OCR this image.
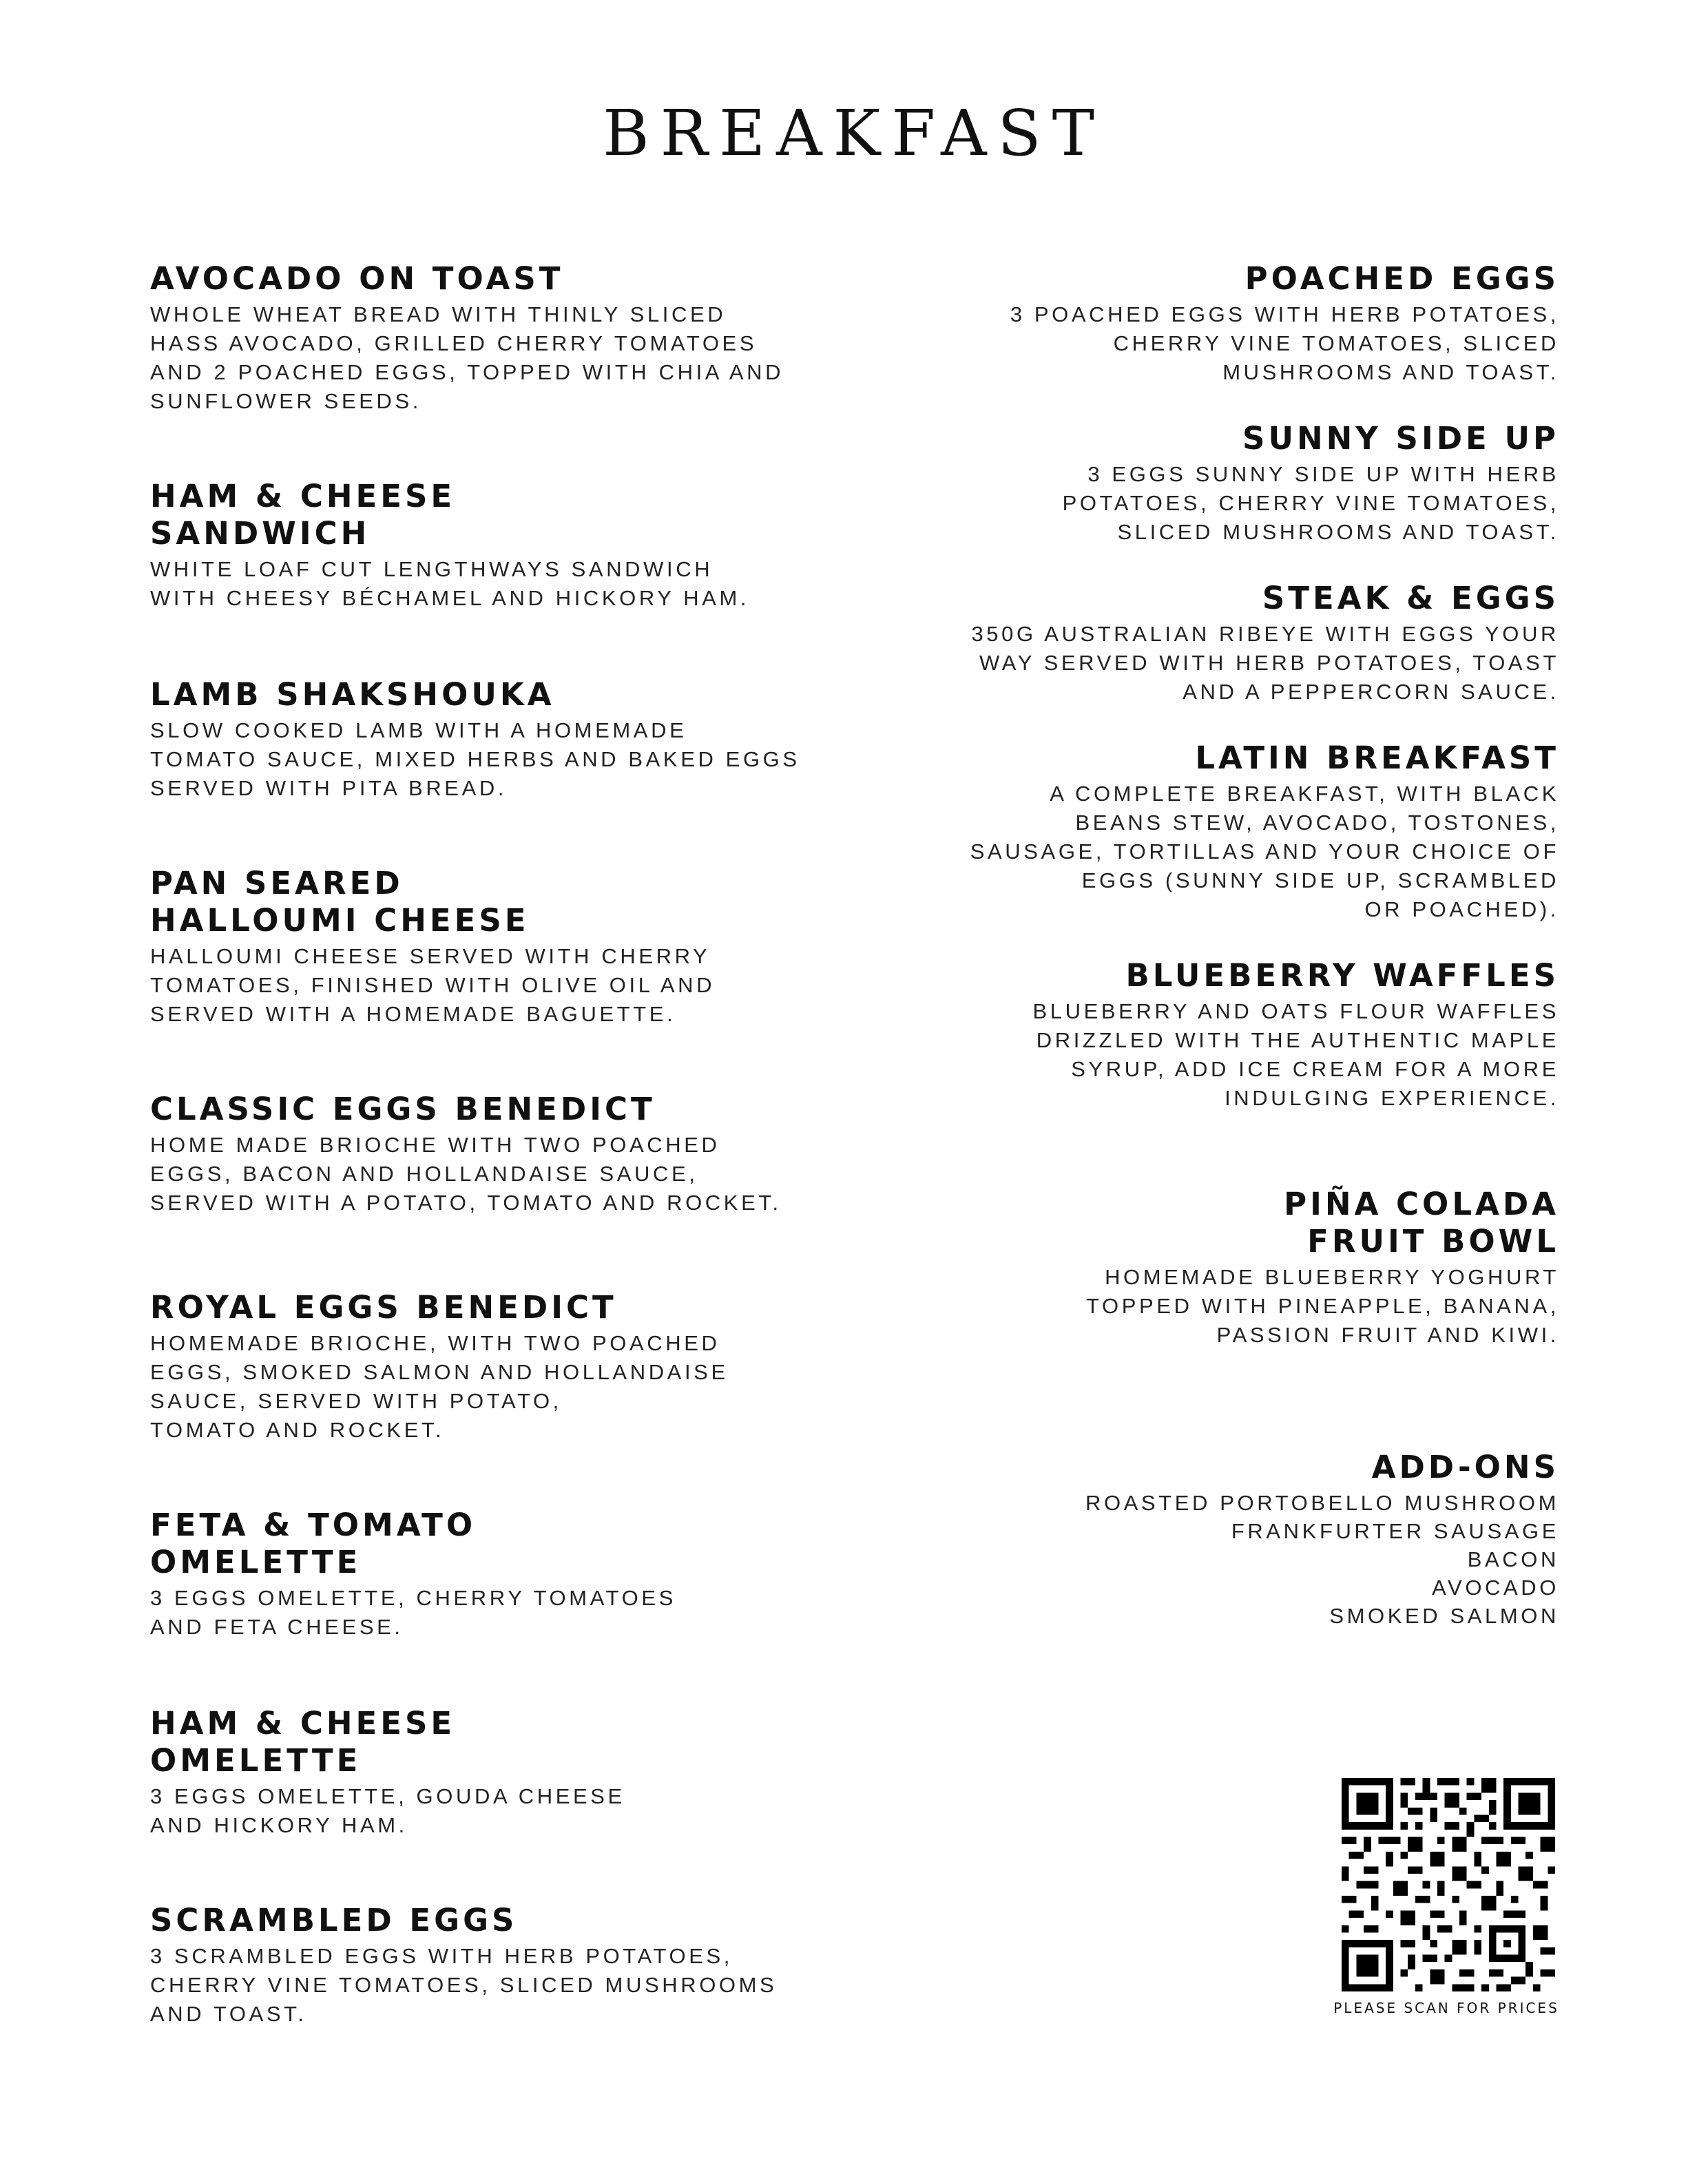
BREAKFAST
AVOCADO ON TOAST
WHOLE WHEAT BREAD WITH THINLY SLICED
HASS AVOCADO, GRILLED CHERRY TOMATOES
AND 2 POACHED EGGS, TOPPED WITH CHIA AND
SUNFLOWER SEEDS.
HAM & CHEESE
SANDWICH
WHITE LOAF CUT LENGTHWAYS SANDWICH
WITH CHEESY BÉCHAMEL AND HICKORY HAM.
LAMB SHAKSHOUKA
SLOW COOKED LAMB WITH A HOMEMADE
TOMATO SAUCE, MIXED HERBS AND BAKED EGGS
SERVED WITH PITA BREAD.
PAN SEARED
HALLOUMI CHEESE
HALLOUMI CHEESE SERVED WITH CHERRY
TOMATOES, FINISHED WITH OLIVE OIL AND
SERVED WITH A HOMEMADE BAGUETTE.
CLASSIC EGGS BENEDICT
HOME MADE BRIOCHE WITH TWO POACHED
EGGS, BACON AND HOLLANDAISE SAUCE,
SERVED WITH A POTATO, TOMATO AND ROCKET.
ROYAL EGGS BENEDICT
HOMEMADE BRIOCHE, WITH TWO POACHED
EGGS, SMOKED SALMON AND HOLLANDAISE
SAUCE, SERVED WITH POTATO,
TOMATO AND ROCKET.
FETA & TOMATO
OMELETTE
3 EGGS OMELETTE, CHERRY TOMATOES
AND FETA CHEESE.
HAM & CHEESE
OMELETTE
3 EGGS OMELETTE, GOUDA CHEESE
AND HICKORY HAM.
SCRAMBLED EGGS
3 SCRAMBLED EGGS WITH HERB POTATOES,
CHERRY VINE TOMATOES, SLICED MUSHROOMS
AND TOAST.
POACHED EGGS
3 POACHED EGGS WITH HERB POTATOES,
CHERRY VINE TOMATOES, SLICED
MUSHROOMS AND TOAST.
SUNNY SIDE UP
3 EGGS SUNNY SIDE UP WITH HERB
POTATOES, CHERRY VINE TOMATOES,
SLICED MUSHROOMS AND TOAST.
STEAK & EGGS
350G AUSTRALIAN RIBEYE WITH EGGS YOUR
WAY SERVED WITH HERB POTATOES, TOAST
AND A PEPPERCORN SAUCE.
LATIN BREAKFAST
A COMPLETE BREAKFAST, WITH BLACK
BEANS STEW, AVOCADO, TOSTONES,
SAUSAGE, TORTILLAS AND YOUR CHOICE OF
EGGS (SUNNY SIDE UP, SCRAMBLED
OR POACHED).
BLUEBERRY WAFFLES
BLUEBERRY AND OATS FLOUR WAFFLES
DRIZZLED WITH THE AUTHENTIC MAPLE
SYRUP, ADD ICE CREAM FOR A MORE
INDULGING EXPERIENCE.
PIÑA COLADA
FRUIT BOWL
HOMEMADE BLUEBERRY YOGHURT
TOPPED WITH PINEAPPLE, BANANA,
PASSION FRUIT AND KIWI.
ADD-ONS
ROASTED PORTOBELLO MUSHROOM
FRANKFURTER SAUSAGE
BACON
AVOCADO
SMOKED SALMON
PLEASE SCAN FOR PRICES
